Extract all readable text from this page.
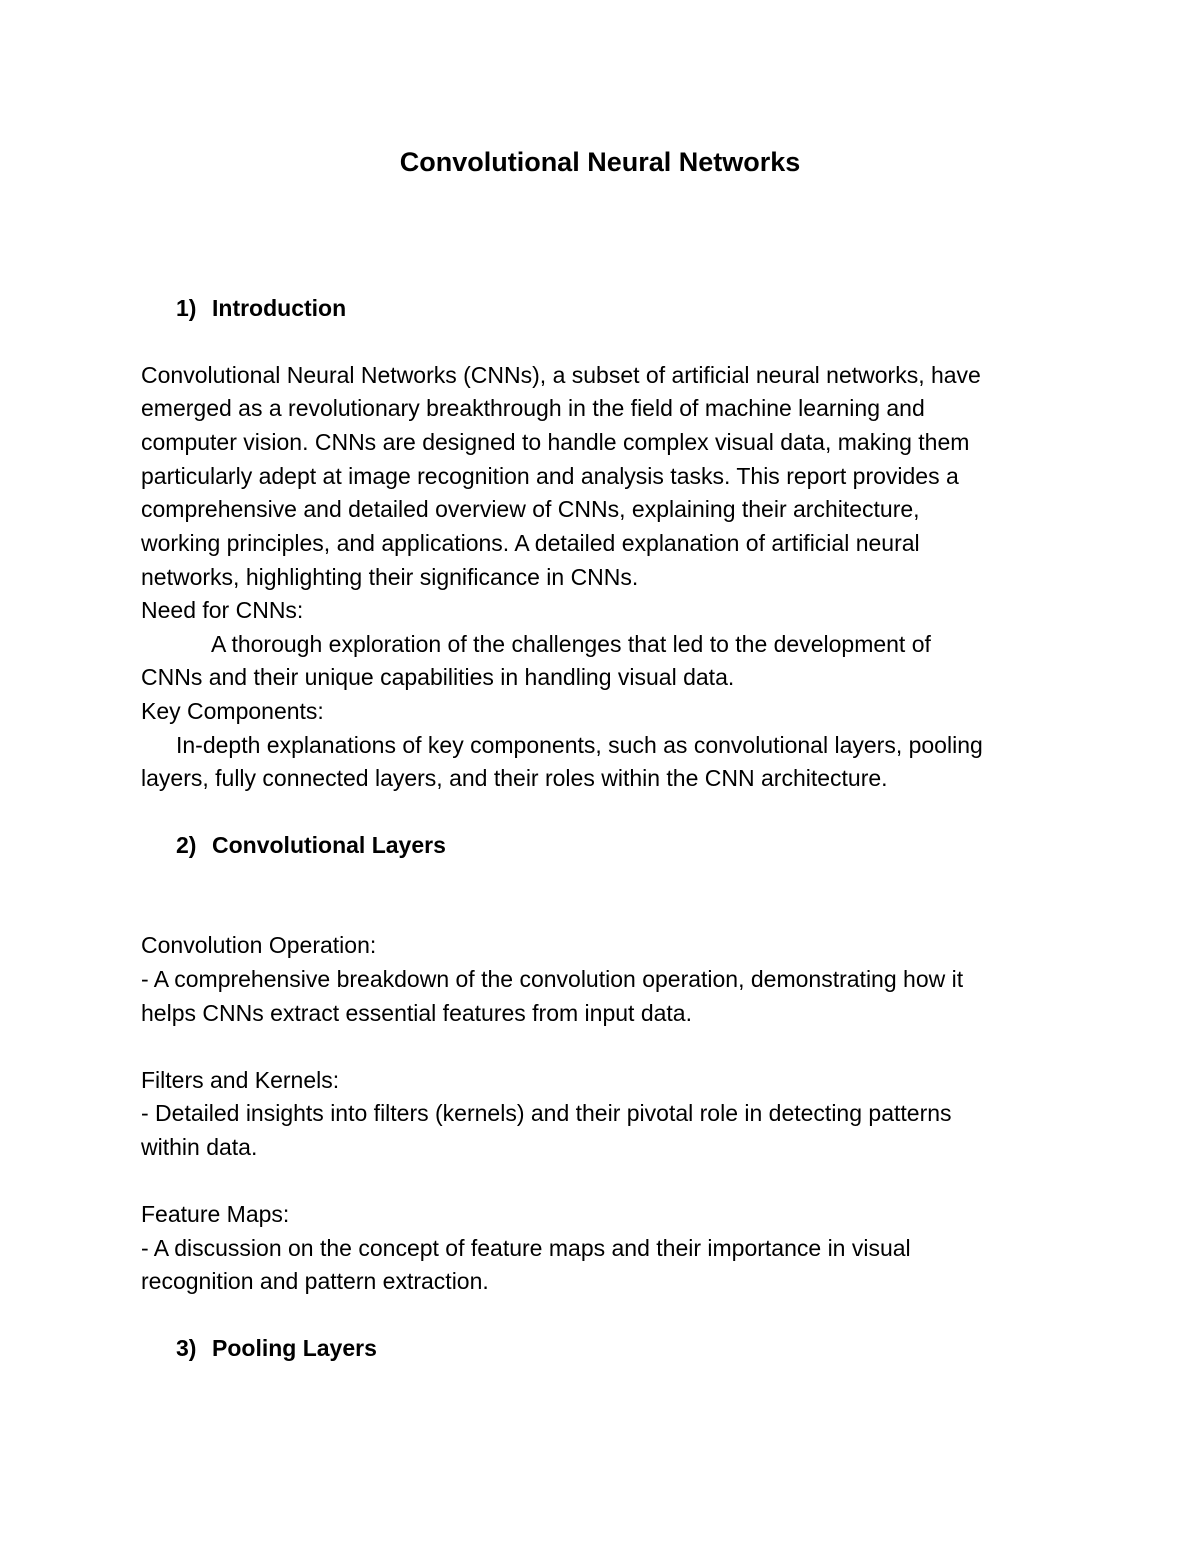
Convolutional Neural Networks
1) Introduction
Convolutional Neural Networks (CNNs), a subset of artificial neural networks, have
emerged as a revolutionary breakthrough in the field of machine learning and
computer vision. CNNs are designed to handle complex visual data, making them
particularly adept at image recognition and analysis tasks. This report provides a
comprehensive and detailed overview of CNNs, explaining their architecture,
working principles, and applications. A detailed explanation of artificial neural
networks, highlighting their significance in CNNs.
Need for CNNs:
A thorough exploration of the challenges that led to the development of
CNNs and their unique capabilities in handling visual data.
Key Components:
In-depth explanations of key components, such as convolutional layers, pooling
layers, fully connected layers, and their roles within the CNN architecture.
2) Convolutional Layers
Convolution Operation:
- A comprehensive breakdown of the convolution operation, demonstrating how it
helps CNNs extract essential features from input data.
Filters and Kernels:
- Detailed insights into filters (kernels) and their pivotal role in detecting patterns
within data.
Feature Maps:
- A discussion on the concept of feature maps and their importance in visual
recognition and pattern extraction.
3) Pooling Layers
